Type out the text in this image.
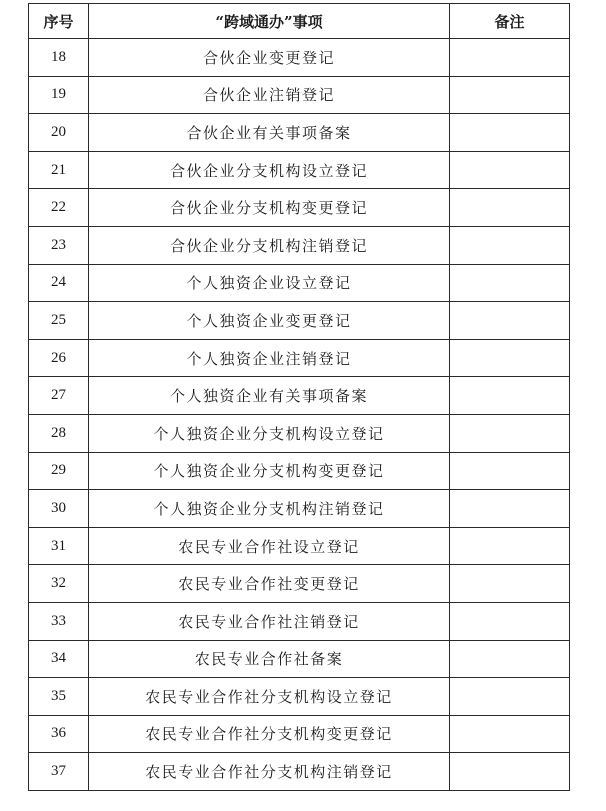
序号	“跨域通办”事项	备注
18	合伙企业变更登记	
19	合伙企业注销登记	
20	合伙企业有关事项备案	
21	合伙企业分支机构设立登记	
22	合伙企业分支机构变更登记	
23	合伙企业分支机构注销登记	
24	个人独资企业设立登记	
25	个人独资企业变更登记	
26	个人独资企业注销登记	
27	个人独资企业有关事项备案	
28	个人独资企业分支机构设立登记	
29	个人独资企业分支机构变更登记	
30	个人独资企业分支机构注销登记	
31	农民专业合作社设立登记	
32	农民专业合作社变更登记	
33	农民专业合作社注销登记	
34	农民专业合作社备案	
35	农民专业合作社分支机构设立登记	
36	农民专业合作社分支机构变更登记	
37	农民专业合作社分支机构注销登记	
